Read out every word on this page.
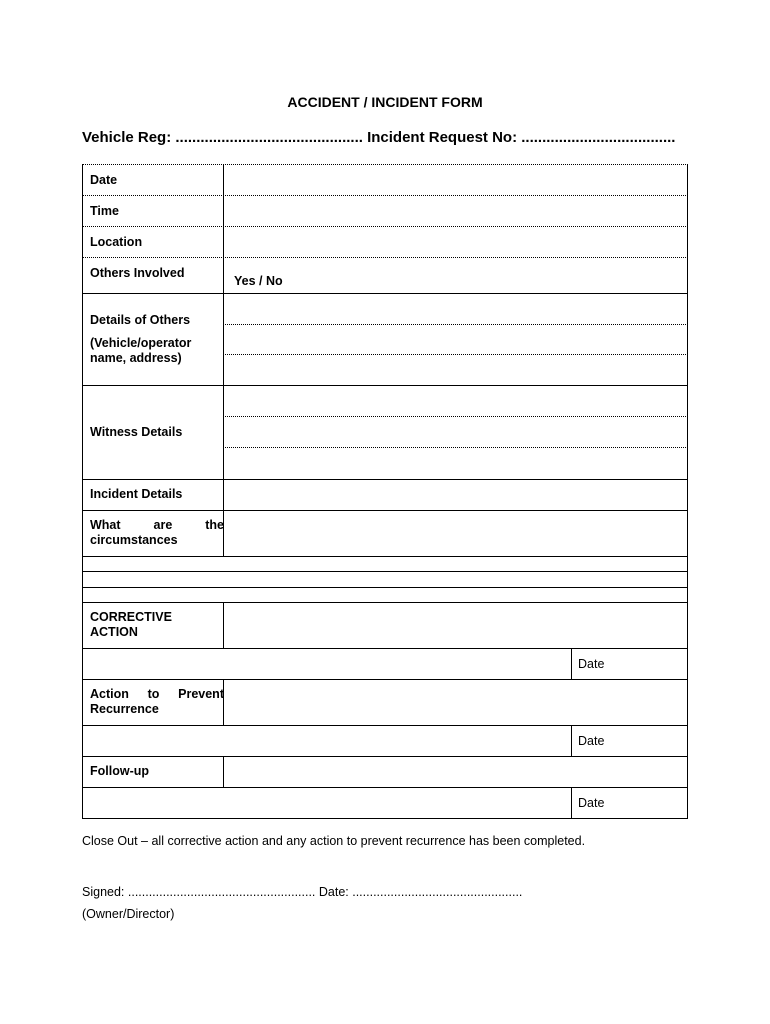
ACCIDENT / INCIDENT FORM
Vehicle Reg: ............................................. Incident Request No: .....................................
Date
Time
Location
Others Involved
Yes / No
Details of Others
(Vehicle/operator name, address)
Witness Details
Incident Details
What are the
circumstances
CORRECTIVE
ACTION
Date
Action to Prevent
Recurrence
Date
Follow-up
Date
Close Out – all corrective action and any action to prevent recurrence has been completed.
Signed: ...................................................... Date: .................................................
(Owner/Director)
